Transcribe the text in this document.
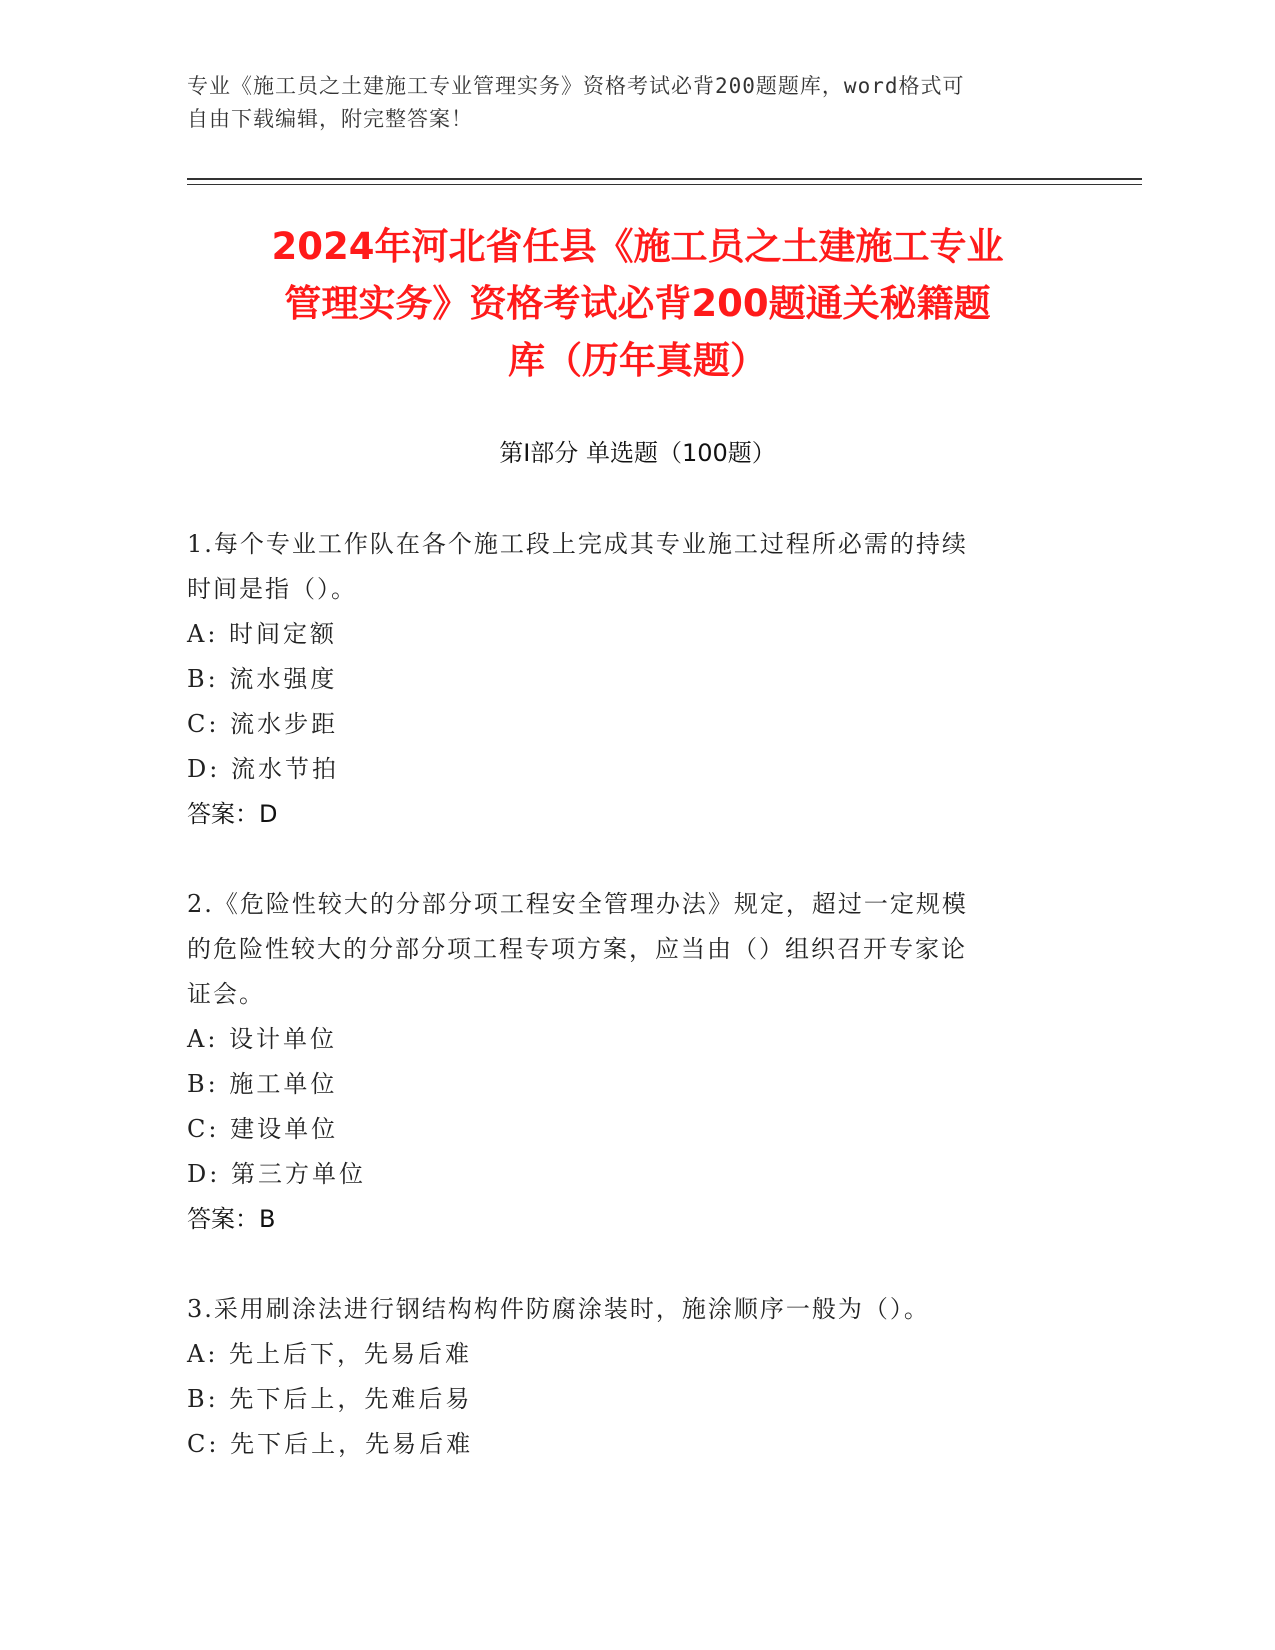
专业《施工员之土建施工专业管理实务》资格考试必背200题题库，word格式可
自由下载编辑，附完整答案！
2024年河北省任县《施工员之土建施工专业
管理实务》资格考试必背200题通关秘籍题
库（历年真题）
第Ⅰ部分 单选题（100题）
1.每个专业工作队在各个施工段上完成其专业施工过程所必需的持续
时间是指（）。
A: 时间定额
B: 流水强度
C: 流水步距
D: 流水节拍
答案：D
2.《危险性较大的分部分项工程安全管理办法》规定，超过一定规模
的危险性较大的分部分项工程专项方案，应当由（）组织召开专家论
证会。
A: 设计单位
B: 施工单位
C: 建设单位
D: 第三方单位
答案：B
3.采用刷涂法进行钢结构构件防腐涂装时，施涂顺序一般为（）。
A: 先上后下，先易后难
B: 先下后上，先难后易
C: 先下后上，先易后难
